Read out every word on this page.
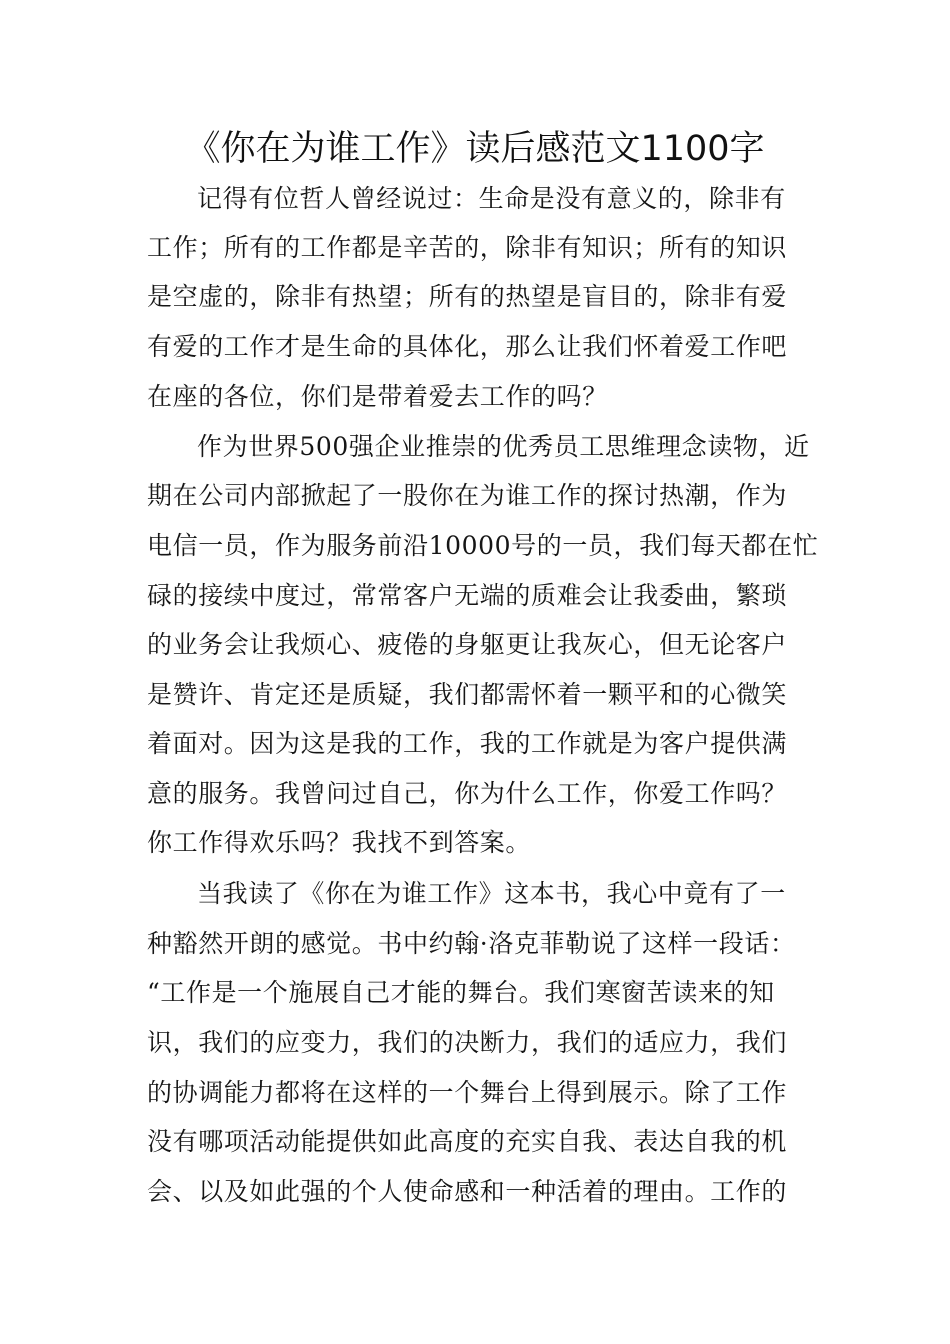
《你在为谁工作》读后感范文1100字
记得有位哲人曾经说过：生命是没有意义的，除非有
工作；所有的工作都是辛苦的，除非有知识；所有的知识
是空虚的，除非有热望；所有的热望是盲目的，除非有爱
有爱的工作才是生命的具体化，那么让我们怀着爱工作吧
在座的各位，你们是带着爱去工作的吗？
作为世界500强企业推崇的优秀员工思维理念读物，近
期在公司内部掀起了一股你在为谁工作的探讨热潮，作为
电信一员，作为服务前沿10000号的一员，我们每天都在忙
碌的接续中度过，常常客户无端的质难会让我委曲，繁琐
的业务会让我烦心、疲倦的身躯更让我灰心，但无论客户
是赞许、肯定还是质疑，我们都需怀着一颗平和的心微笑
着面对。因为这是我的工作，我的工作就是为客户提供满
意的服务。我曾问过自己，你为什么工作，你爱工作吗？
你工作得欢乐吗？我找不到答案。
当我读了《你在为谁工作》这本书，我心中竟有了一
种豁然开朗的感觉。书中约翰·洛克菲勒说了这样一段话：
“工作是一个施展自己才能的舞台。我们寒窗苦读来的知
识，我们的应变力，我们的决断力，我们的适应力，我们
的协调能力都将在这样的一个舞台上得到展示。除了工作
没有哪项活动能提供如此高度的充实自我、表达自我的机
会、以及如此强的个人使命感和一种活着的理由。工作的
